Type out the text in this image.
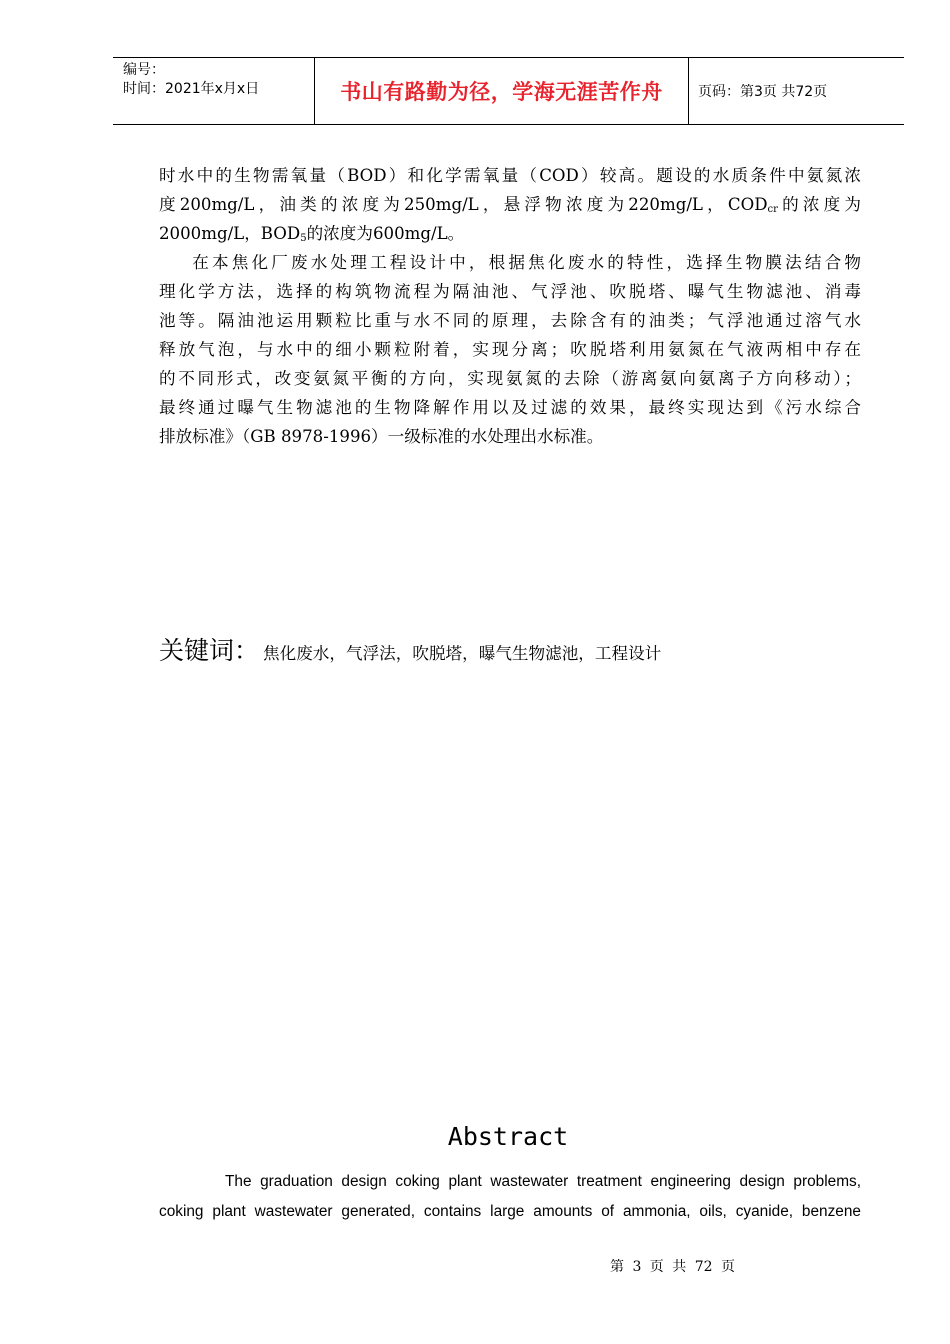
编号：
时间：2021年x月x日	书山有路勤为径，学海无涯苦作舟	页码：第3页 共72页

时水中的生物需氧量（BOD）和化学需氧量（COD）较高。题设的水质条件中氨氮浓
度200mg/L，油类的浓度为250mg/L，悬浮物浓度为220mg/L，$COD_{cr}$的浓度为
2000mg/L，$BOD_5$的浓度为600mg/L。

在本焦化厂废水处理工程设计中，根据焦化废水的特性，选择生物膜法结合物
理化学方法，选择的构筑物流程为隔油池、气浮池、吹脱塔、曝气生物滤池、消毒
池等。隔油池运用颗粒比重与水不同的原理，去除含有的油类；气浮池通过溶气水
释放气泡，与水中的细小颗粒附着，实现分离；吹脱塔利用氨氮在气液两相中存在
的不同形式，改变氨氮平衡的方向，实现氨氮的去除（游离氨向氨离子方向移动）；
最终通过曝气生物滤池的生物降解作用以及过滤的效果，最终实现达到《污水综合
排放标准》（GB 8978-1996）一级标准的水处理出水标准。

关键词： 焦化废水，气浮法，吹脱塔，曝气生物滤池，工程设计
Abstract
The graduation design coking plant wastewater treatment engineering design problems,
coking plant wastewater generated, contains large amounts of ammonia, oils, cyanide, benzene
第 3 页 共 72 页
